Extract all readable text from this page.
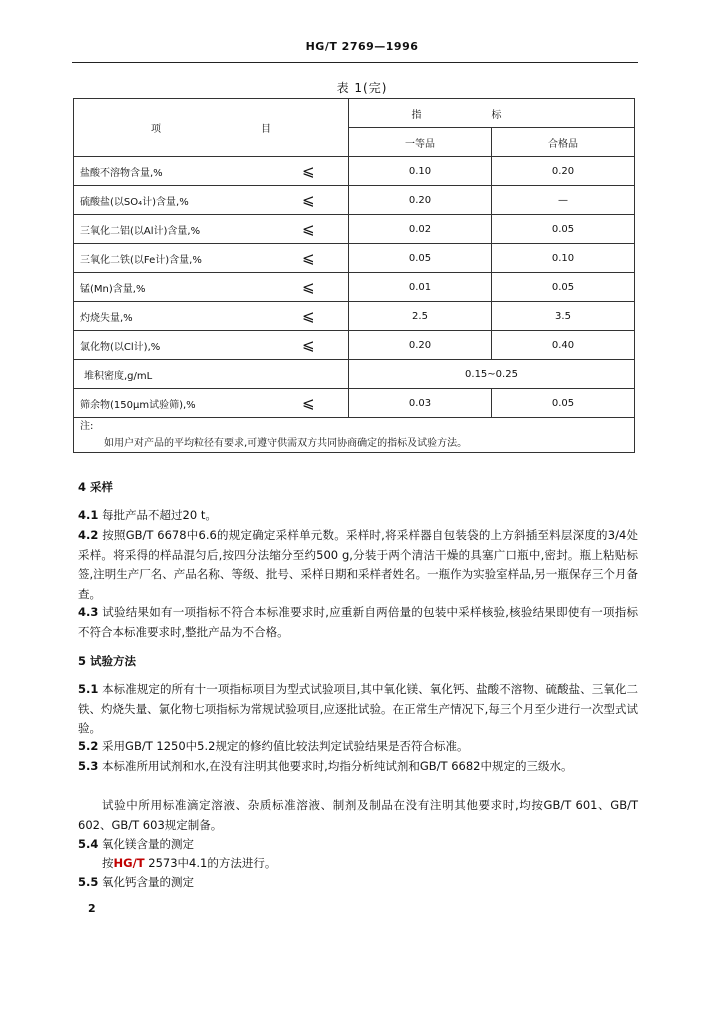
HG/T 2769—1996
表 1(完)
项 目		指标	
		一等品	合格品
盐酸不溶物含量,%	⩽	0.10	0.20
硫酸盐(以SO₄计)含量,%	⩽	0.20	—
三氧化二铝(以Al计)含量,%	⩽	0.02	0.05
三氧化二铁(以Fe计)含量,%	⩽	0.05	0.10
锰(Mn)含量,%	⩽	0.01	0.05
灼烧失量,%	⩽	2.5	3.5
氯化物(以Cl计),%	⩽	0.20	0.40
堆积密度,g/mL		0.15~0.25	
筛余物(150μm试验筛),%	⩽	0.03	0.05

注:
如用户对产品的平均粒径有要求,可遵守供需双方共同协商确定的指标及试验方法。			
4 采样
4.1 每批产品不超过20 t。
4.2 按照GB/T 6678中6.6的规定确定采样单元数。采样时,将采样器自包装袋的上方斜插至料层深度的3/4处采样。将采得的样品混匀后,按四分法缩分至约500 g,分装于两个清洁干燥的具塞广口瓶中,密封。瓶上粘贴标签,注明生产厂名、产品名称、等级、批号、采样日期和采样者姓名。一瓶作为实验室样品,另一瓶保存三个月备查。
4.3 试验结果如有一项指标不符合本标准要求时,应重新自两倍量的包装中采样核验,核验结果即使有一项指标不符合本标准要求时,整批产品为不合格。
5 试验方法
5.1 本标准规定的所有十一项指标项目为型式试验项目,其中氧化镁、氧化钙、盐酸不溶物、硫酸盐、三氧化二铁、灼烧失量、氯化物七项指标为常规试验项目,应逐批试验。在正常生产情况下,每三个月至少进行一次型式试验。
5.2 采用GB/T 1250中5.2规定的修约值比较法判定试验结果是否符合标准。
5.3 本标准所用试剂和水,在没有注明其他要求时,均指分析纯试剂和GB/T 6682中规定的三级水。
试验中所用标准滴定溶液、杂质标准溶液、制剂及制品在没有注明其他要求时,均按GB/T 601、GB/T 602、GB/T 603规定制备。
5.4 氧化镁含量的测定
按HG/T 2573中4.1的方法进行。
5.5 氧化钙含量的测定
2
